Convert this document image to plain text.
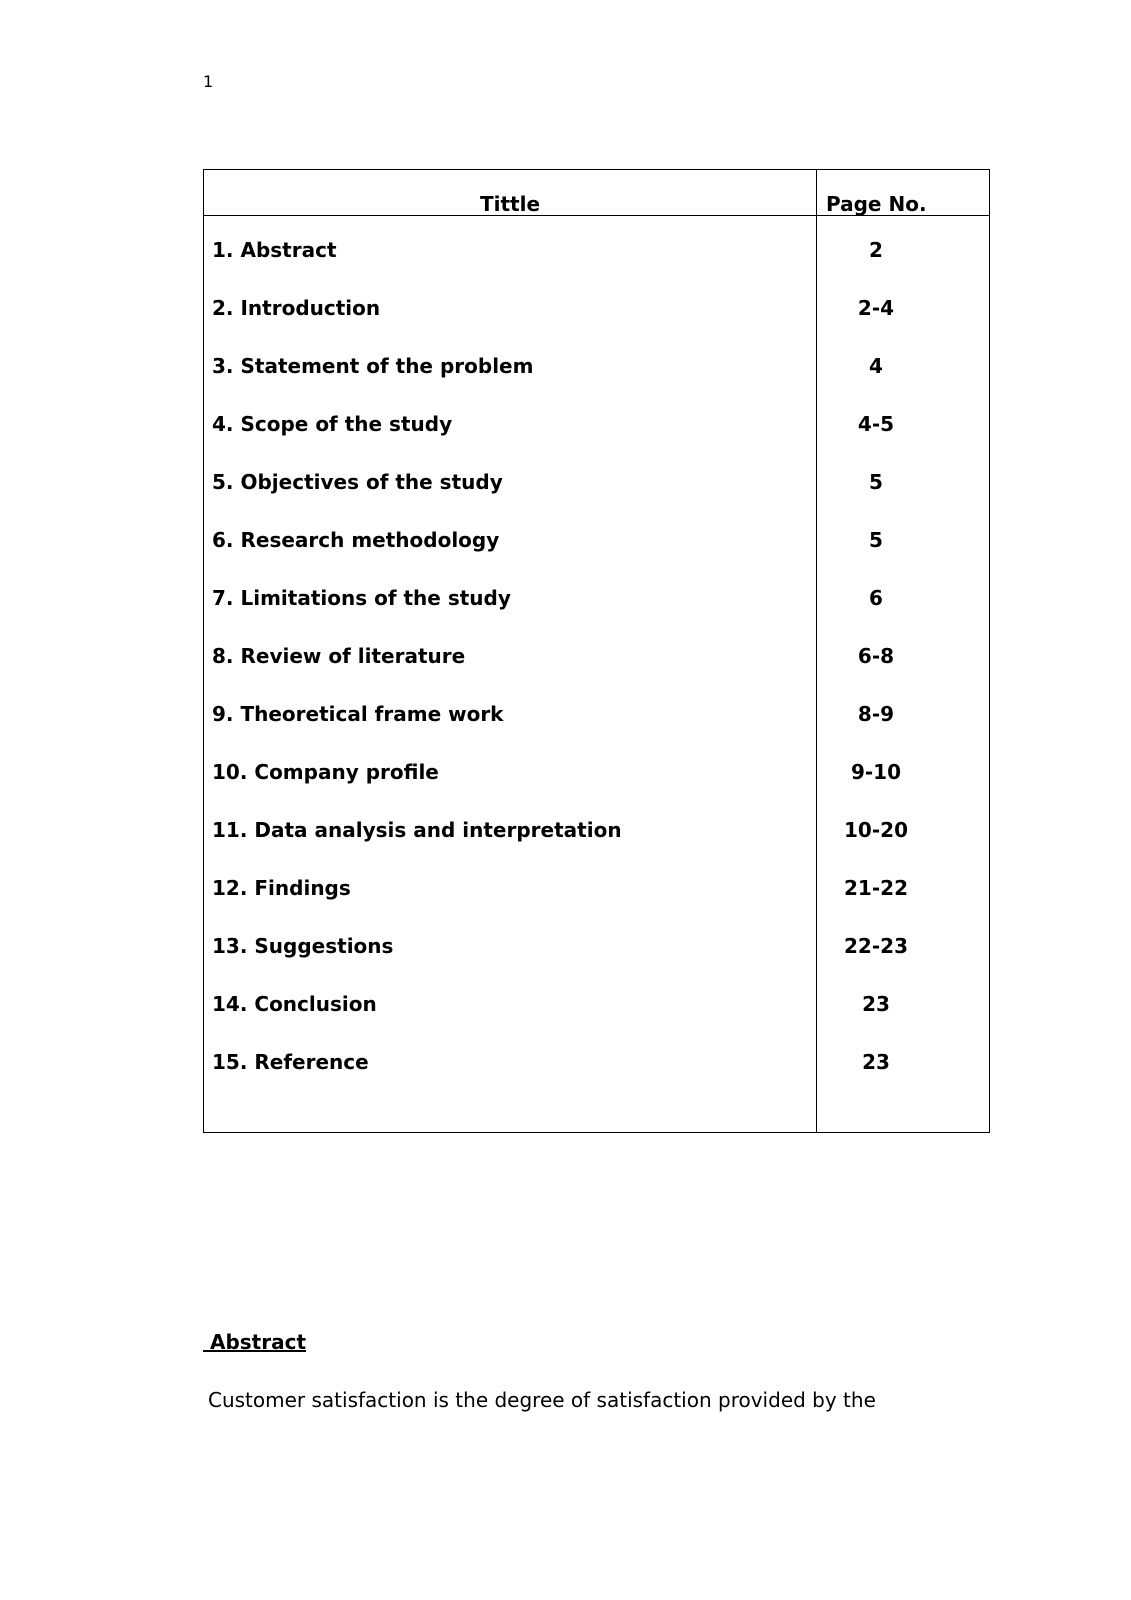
1
Tittle	Page No.
1. Abstract	2
2. Introduction	2-4
3. Statement of the problem	4
4. Scope of the study	4-5
5. Objectives of the study	5
6. Research methodology	5
7. Limitations of the study	6
8. Review of literature	6-8
9. Theoretical frame work	8-9
10. Company profile	9-10
11. Data analysis and interpretation	10-20
12. Findings	21-22
13. Suggestions	22-23
14. Conclusion	23
15. Reference	23
Abstract
Customer satisfaction is the degree of satisfaction provided by the
